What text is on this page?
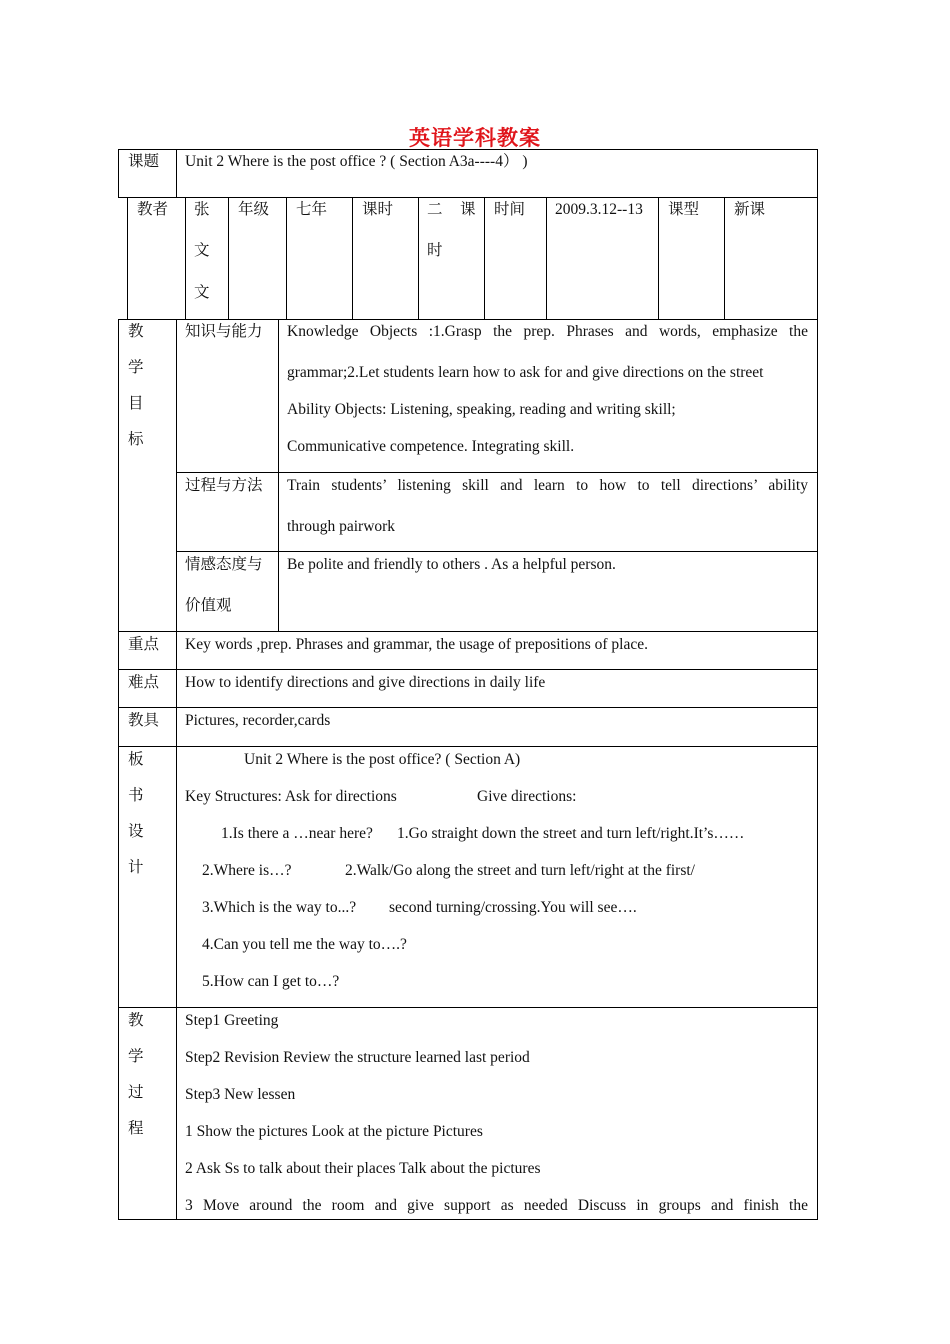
英语学科教案
课题 Unit 2 Where is the post office ? ( Section A3a----4） )
教者 张
文
文
年级 七年 课时 二 课
时
时间 2009.3.12--13 课型 新课
教
学
目
标
知识与能力 Knowledge Objects :1.Grasp the prep. Phrases and words, emphasize the
grammar;2.Let students learn how to ask for and give directions on the street
Ability Objects: Listening, speaking, reading and writing skill;
Communicative competence. Integrating skill.
过程与方法 Train students’ listening skill and learn to how to tell directions’ ability
through pairwork
情感态度与
价值观
Be polite and friendly to others . As a helpful person.
重点 Key words ,prep. Phrases and grammar, the usage of prepositions of place.
难点 How to identify directions and give directions in daily life
教具 Pictures, recorder,cards
板
书
设
计
Unit 2 Where is the post office? ( Section A)
Key Structures: Ask for directions	Give directions:
1.Is there a …near here? 1.Go straight down the street and turn left/right.It’s……
2.Where is…?	2.Walk/Go along the street and turn left/right at the first/
3.Which is the way to...? second turning/crossing.You will see….
4.Can you tell me the way to….?
5.How can I get to…?
教
学
过
程
Step1 Greeting
Step2 Revision Review the structure learned last period
Step3 New lessen
1 Show the pictures Look at the picture Pictures
2 Ask Ss to talk about their places Talk about the pictures
3 Move around the room and give support as needed Discuss in groups and finish the
